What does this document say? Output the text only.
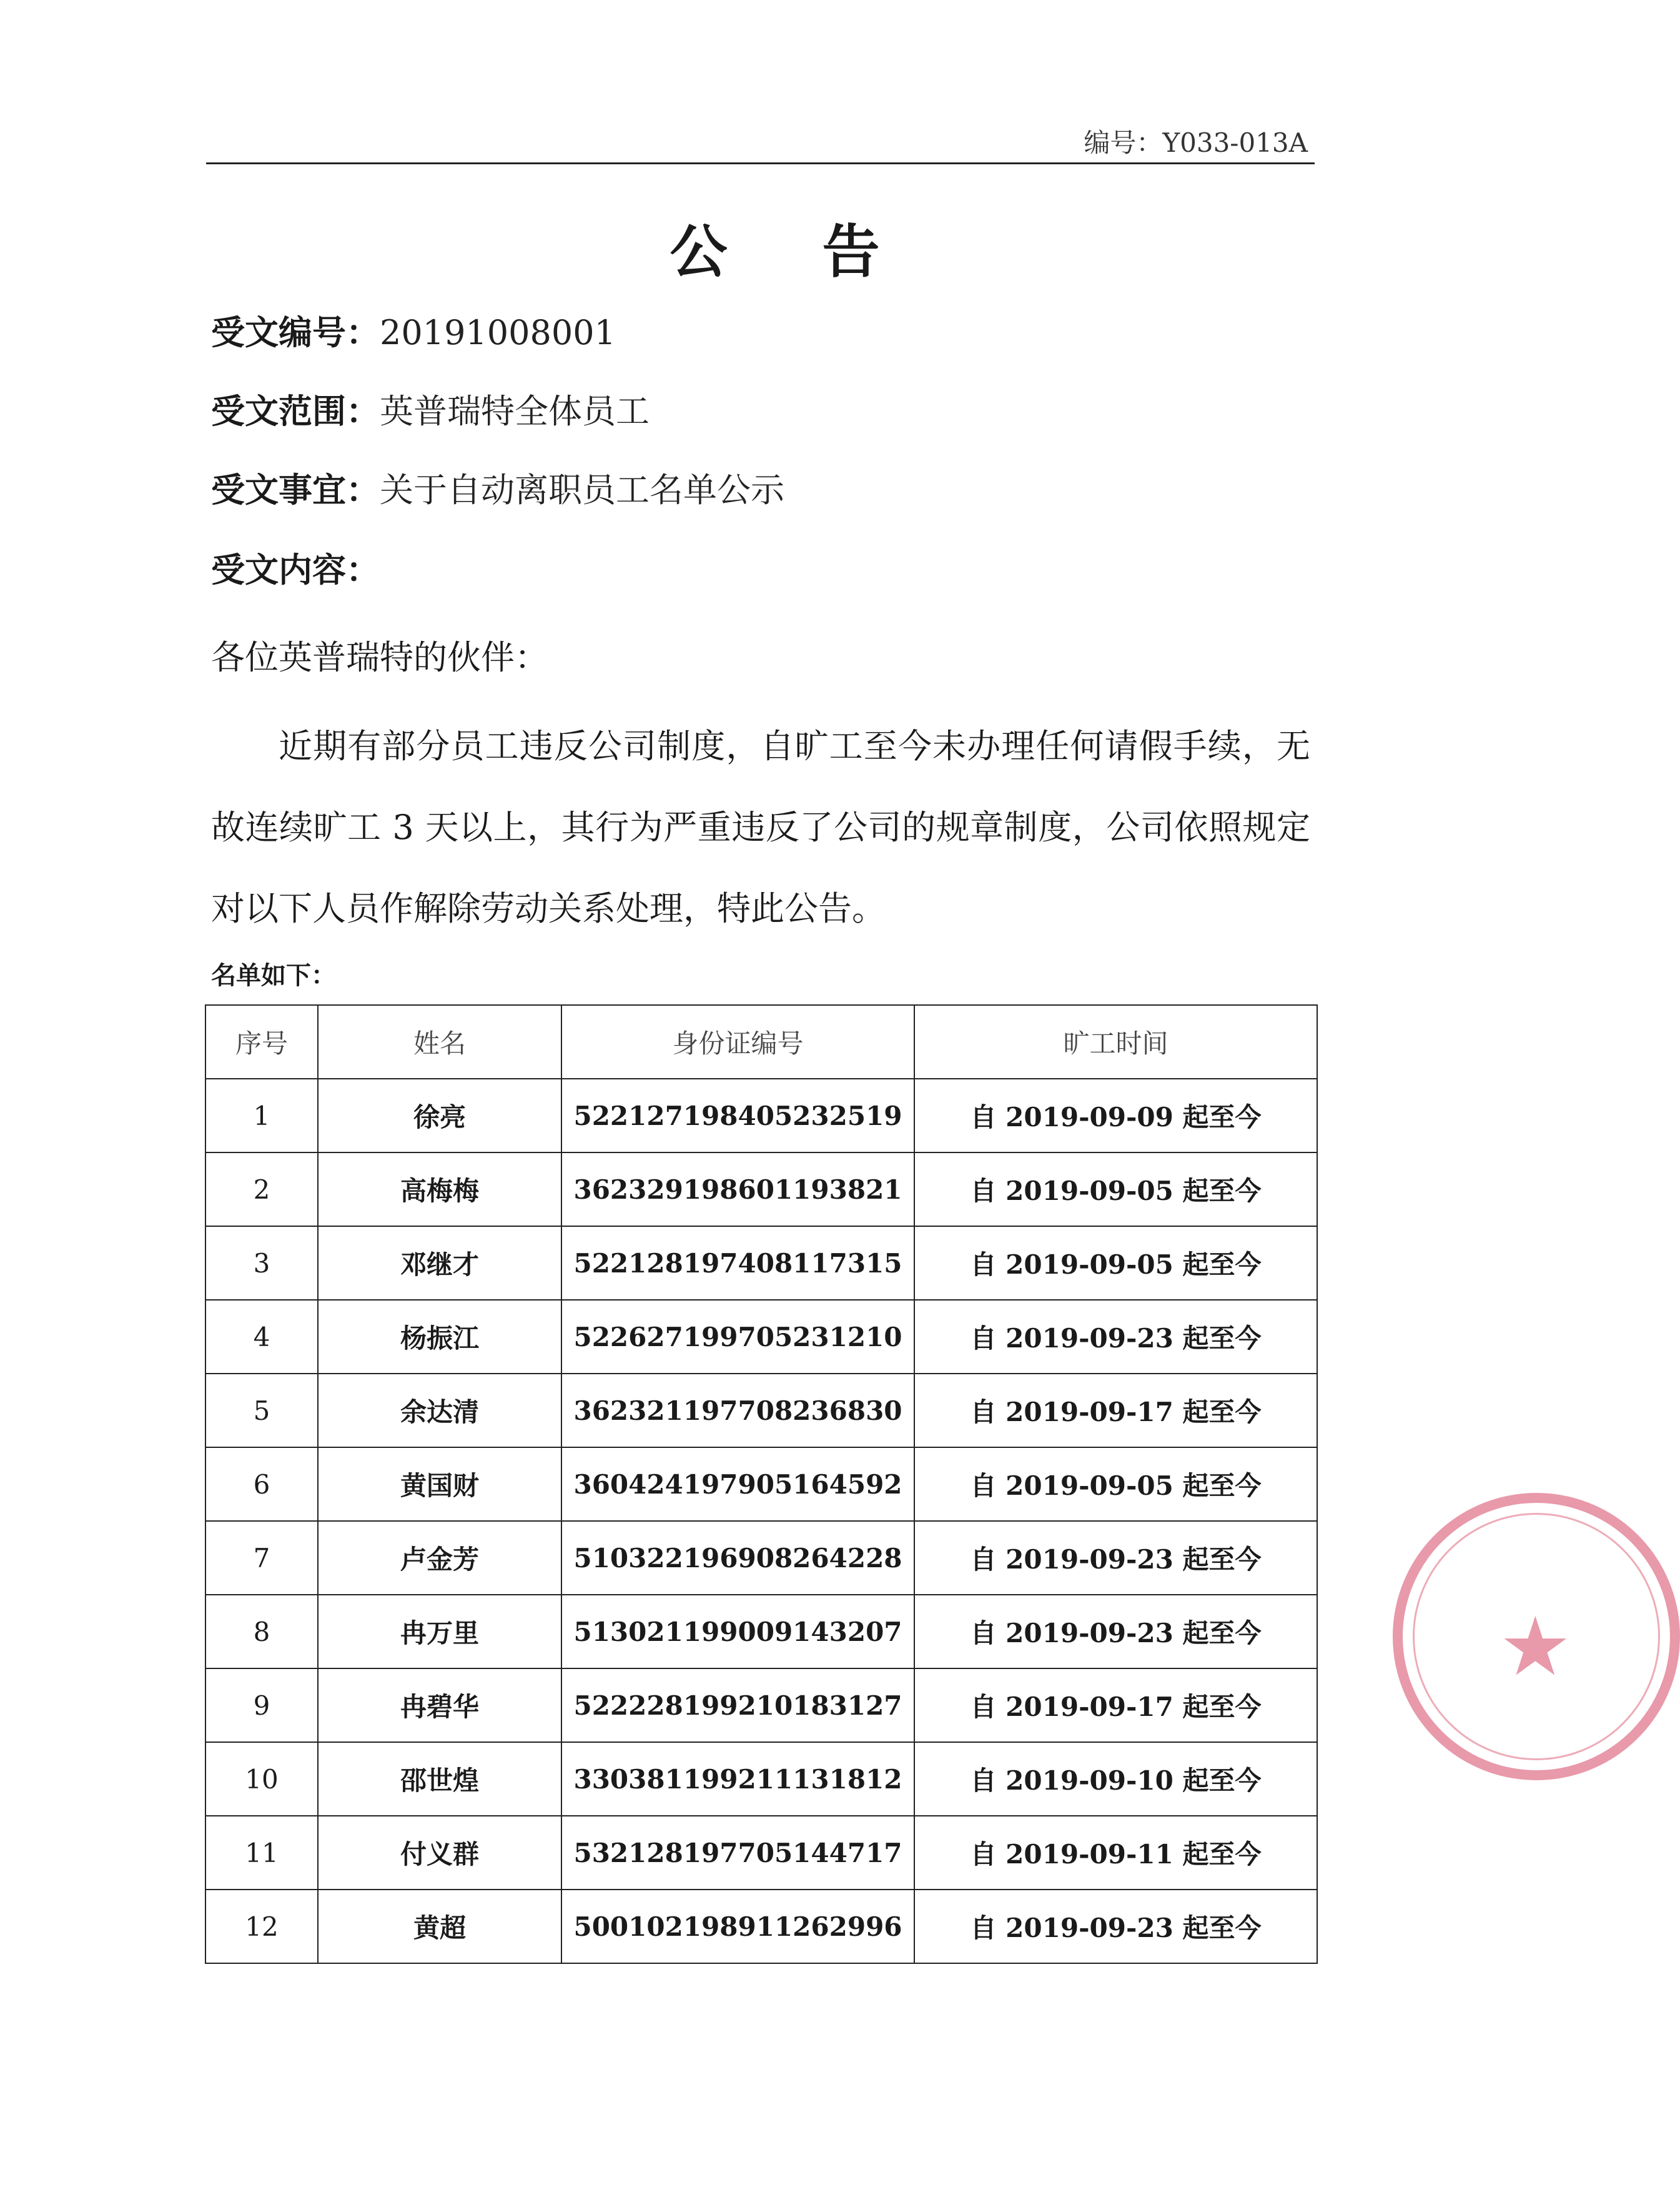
编号：Y033-013A
公 告
受文编号：20191008001
受文范围：英普瑞特全体员工
受文事宜：关于自动离职员工名单公示
受文内容：
各位英普瑞特的伙伴：
近期有部分员工违反公司制度，自旷工至今未办理任何请假手续，无故连续旷工 3 天以上，其行为严重违反了公司的规章制度，公司依照规定对以下人员作解除劳动关系处理，特此公告。
名单如下：
序号	姓名	身份证编号	旷工时间
1	徐亮	522127198405232519	自 2019-09-09 起至今
2	高梅梅	362329198601193821	自 2019-09-05 起至今
3	邓继才	522128197408117315	自 2019-09-05 起至今
4	杨振江	522627199705231210	自 2019-09-23 起至今
5	余达清	362321197708236830	自 2019-09-17 起至今
6	黄国财	360424197905164592	自 2019-09-05 起至今
7	卢金芳	510322196908264228	自 2019-09-23 起至今
8	冉万里	513021199009143207	自 2019-09-23 起至今
9	冉碧华	522228199210183127	自 2019-09-17 起至今
10	邵世煌	330381199211131812	自 2019-09-10 起至今
11	付义群	532128197705144717	自 2019-09-11 起至今
12	黄超	500102198911262996	自 2019-09-23 起至今
★
